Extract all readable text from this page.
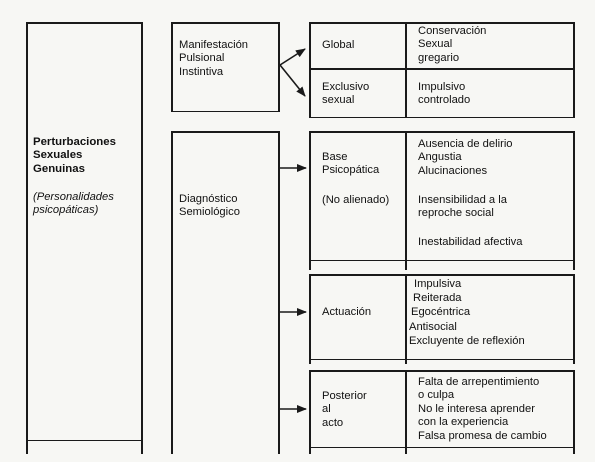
Perturbaciones
Sexuales
Genuinas
(Personalidades
psicopáticas)
Manifestación
Pulsional
Instintiva
Diagnóstico
Semiológico
Global
Conservación
Sexual
gregario
Exclusivo
sexual
Impulsivo
controlado
Base
Psicopática
(No alienado)
Ausencia de delirio
Angustia
Alucinaciones
Insensibilidad a la
reproche social
Inestabilidad afectiva
Actuación
Impulsiva
Reiterada
Egocéntrica
Antisocial
Excluyente de reflexión
Posterior
al
acto
Falta de arrepentimiento
o culpa
No le interesa aprender
con la experiencia
Falsa promesa de cambio
